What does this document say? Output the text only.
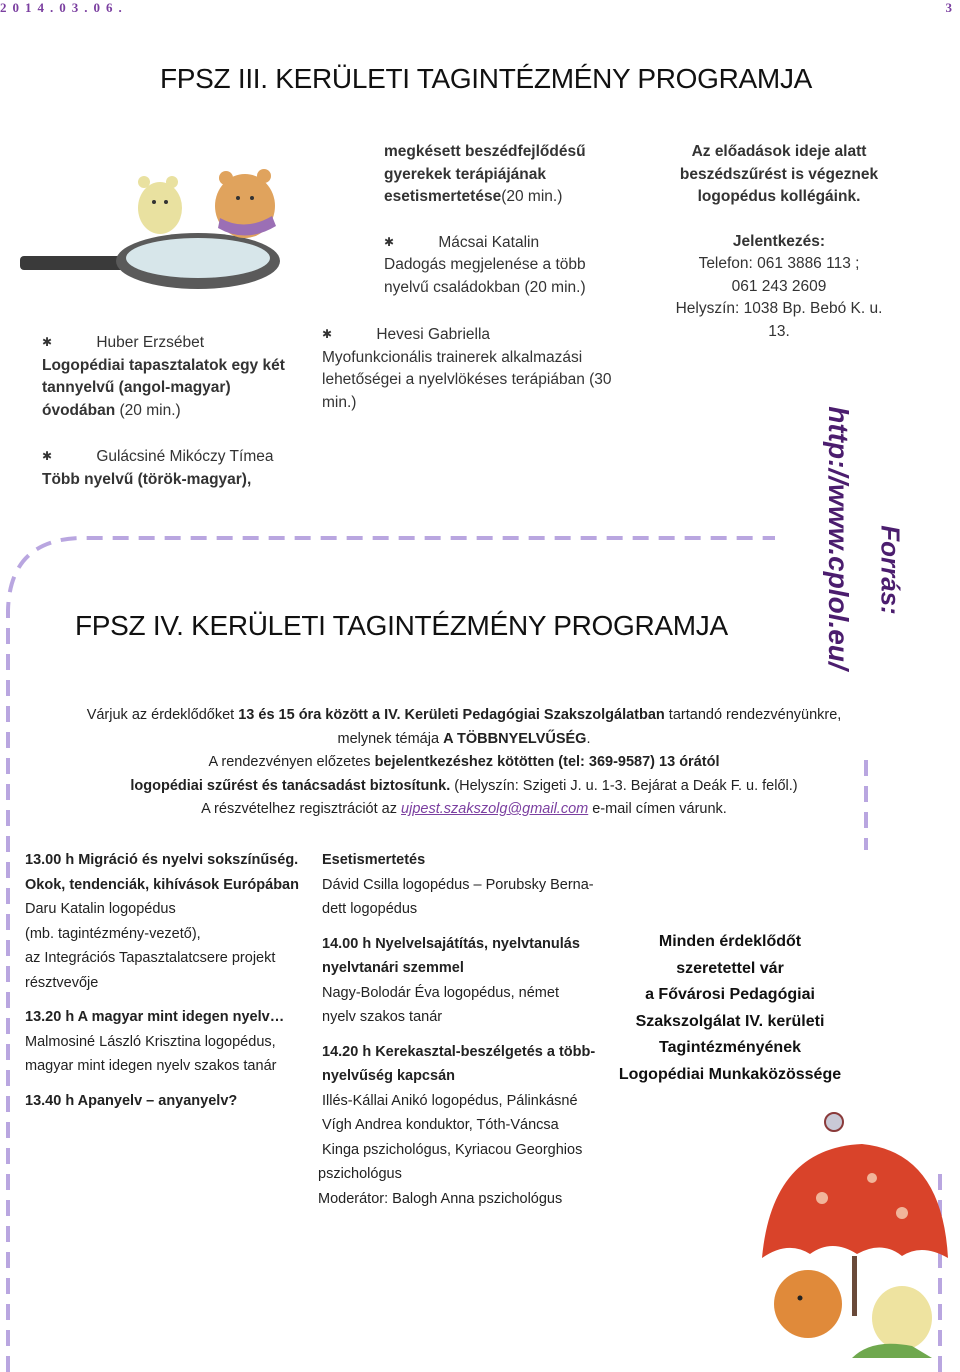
2014.03.06.	3
FPSZ III. KERÜLETI TAGINTÉZMÉNY PROGRAMJA
✱	Huber Erzsébet
Logopédiai tapasztalatok egy két tannyelvű (angol-magyar) óvodában (20 min.)
✱	Gulácsiné Mikóczy Tímea
Több nyelvű (török-magyar),
megkésett beszédfejlődésű gyerekek terápiájának esetismertetése(20 min.)
✱	Mácsai Katalin
Dadogás megjelenése a több nyelvű családokban (20 min.)
✱	Hevesi Gabriella
Myofunkcionális trainerek alkalmazási lehetőségei a nyelvlökéses terápiában (30 min.)
Az előadások ideje alatt beszédszűrést is végeznek logopédus kollégáink.
Jelentkezés:
Telefon: 061 3886 113 ;
061 243 2609
Helyszín: 1038 Bp. Bebó K. u. 13.
http://www.cplol.eu/ Forrás:
FPSZ IV. KERÜLETI TAGINTÉZMÉNY PROGRAMJA
Várjuk az érdeklődőket 13 és 15 óra között a IV. Kerületi Pedagógiai Szakszolgálatban tartandó rendezvényünkre,
melynek témája A TÖBBNYELVŰSÉG.
A rendezvényen előzetes bejelentkezéshez kötötten (tel: 369-9587) 13 órától
logopédiai szűrést és tanácsadást biztosítunk. (Helyszín: Szigeti J. u. 1-3. Bejárat a Deák F. u. felől.)
A részvételhez regisztrációt az ujpest.szakszolg@gmail.com e-mail címen várunk.

13.00 h Migráció és nyelvi sokszínűség.

Okok, tendenciák, kihívások Európában

Daru Katalin logopédus

(mb. tagintézmény-vezető),

az Integrációs Tapasztalatcsere projekt

résztvevője

13.20 h A magyar mint idegen nyelv…

Malmosiné László Krisztina logopédus,

magyar mint idegen nyelv szakos tanár

13.40 h Apanyelv – anyanyelv?

Esetismertetés

Dávid Csilla logopédus – Porubsky Berna-

dett logopédus

14.00 h Nyelvelsajátítás, nyelvtanulás

nyelvtanári szemmel

Nagy-Bolodár Éva logopédus, német

nyelv szakos tanár

14.20 h Kerekasztal-beszélgetés a több-

nyelvűség kapcsán

Illés-Kállai Anikó logopédus, Pálinkásné

Vígh Andrea konduktor, Tóth-Váncsa

Kinga pszichológus, Kyriacou Georghios

pszichológus

Moderátor: Balogh Anna pszichológus

Minden érdeklődőt
szeretettel vár
a Fővárosi Pedagógiai
Szakszolgálat IV. kerületi
Tagintézményének
Logopédiai Munkaközössége
